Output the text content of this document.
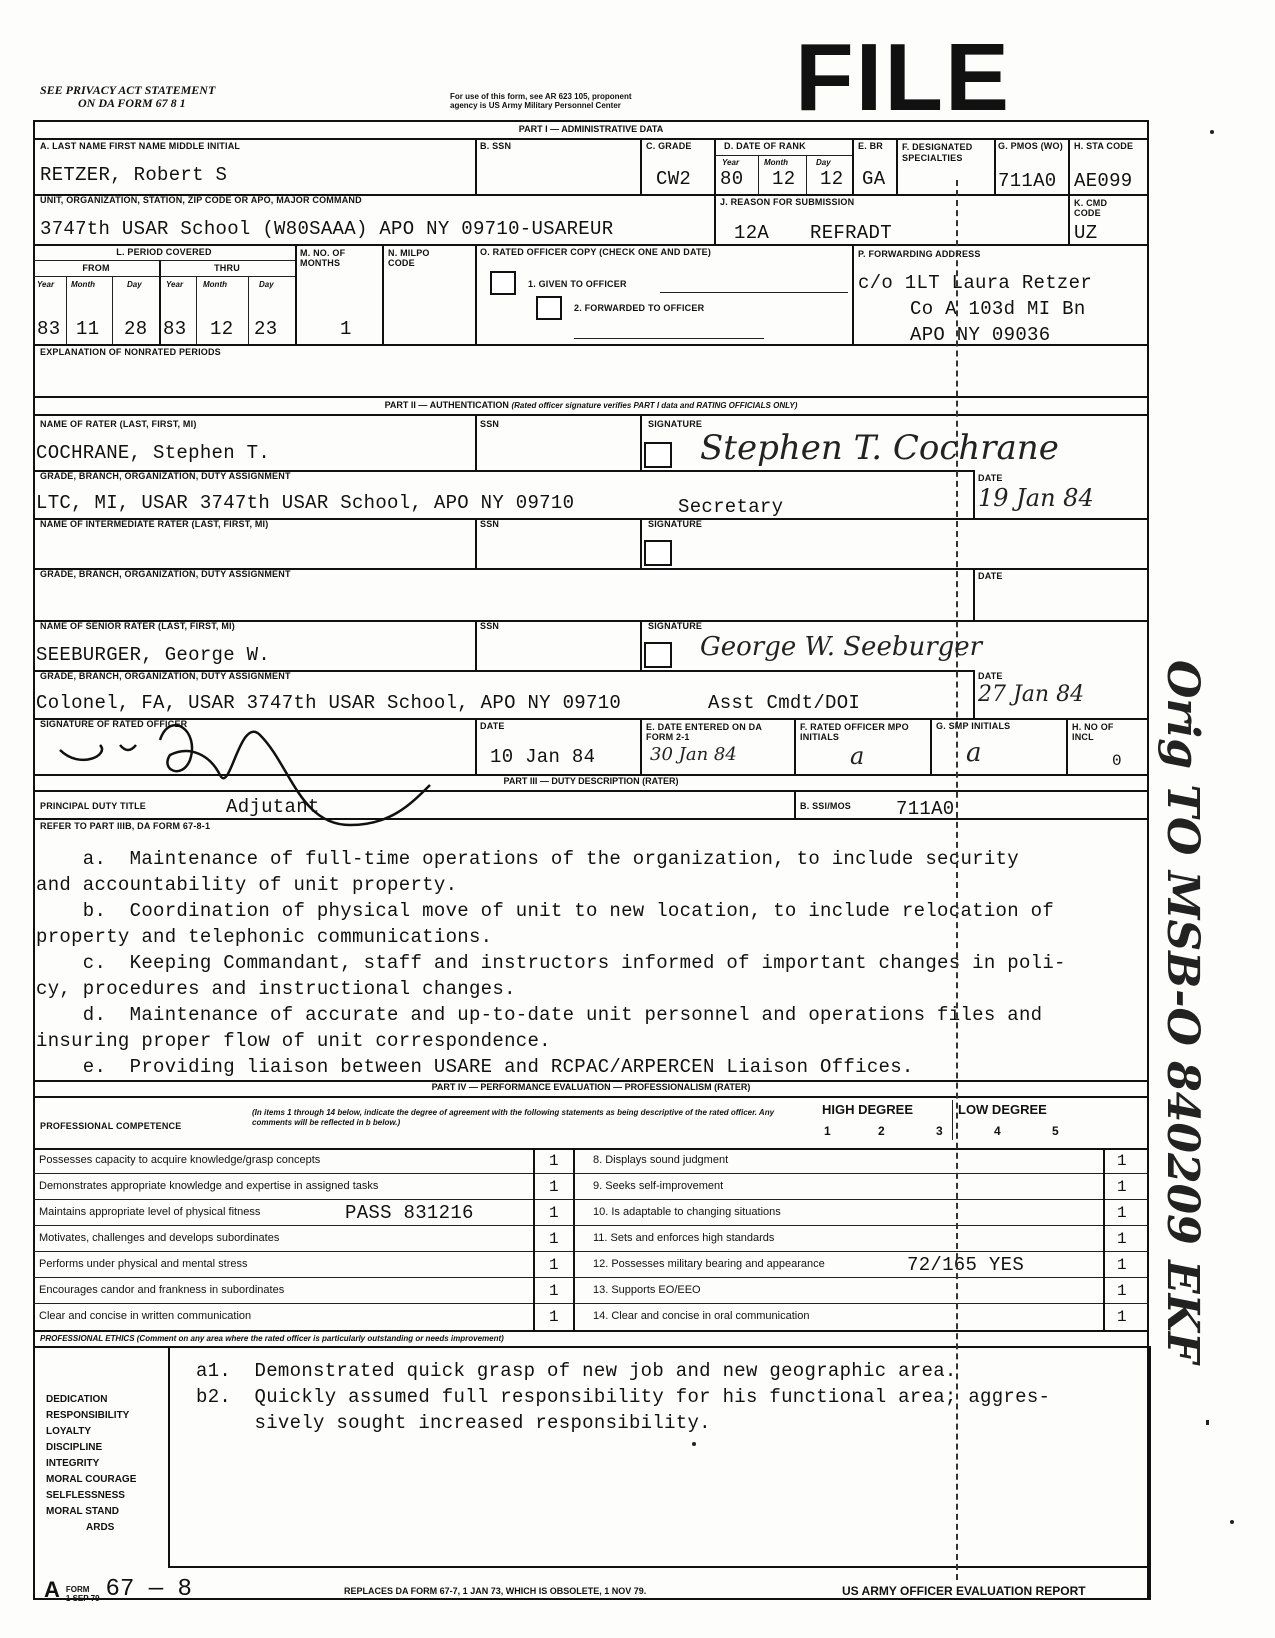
SEE PRIVACY ACT STATEMENT
ON DA FORM 67 8 1	For use of this form, see AR 623 105, proponent
agency is US Army Military Personnel Center FILE
PART I — ADMINISTRATIVE DATA
A. LAST NAME FIRST NAME MIDDLE INITIAL
RETZER, Robert S
B. SSN	C. GRADE
CW2
D. DATE OF RANK
Year	Month	Day
80 12 12
E. BR
GA
F. DESIGNATED SPECIALTIES
G. PMOS (WO)
711A0
H. STA CODE
AE099
UNIT, ORGANIZATION, STATION, ZIP CODE OR APO, MAJOR COMMAND
3747th USAR School (W80SAAA) APO NY 09710-USAREUR
J. REASON FOR SUBMISSION
12A REFRADT
K. CMD CODE
UZ
L. PERIOD COVERED
FROM	THRU
Year Month	Day	Year Month	Day
83 11 28 83 12 23
M. NO. OF MONTHS
1
N. MILPO CODE
O. RATED OFFICER COPY (CHECK ONE AND DATE)
1. GIVEN TO OFFICER
2. FORWARDED TO OFFICER
P. FORWARDING ADDRESS
c/o 1LT Laura Retzer
Co A 103d MI Bn
APO NY 09036
EXPLANATION OF NONRATED PERIODS
PART II — AUTHENTICATION (Rated officer signature verifies PART I data and RATING OFFICIALS ONLY)
NAME OF RATER (LAST, FIRST, MI)
COCHRANE, Stephen T.
SSN	SIGNATURE
Stephen T. Cochrane
GRADE, BRANCH, ORGANIZATION, DUTY ASSIGNMENT
LTC, MI, USAR 3747th USAR School, APO NY 09710	Secretary
DATE
19 Jan 84
NAME OF INTERMEDIATE RATER (LAST, FIRST, MI)	SSN	SIGNATURE
GRADE, BRANCH, ORGANIZATION, DUTY ASSIGNMENT	DATE
NAME OF SENIOR RATER (LAST, FIRST, MI)
SEEBURGER, George W.
SSN	SIGNATURE
George W. Seeburger
GRADE, BRANCH, ORGANIZATION, DUTY ASSIGNMENT
Colonel, FA, USAR 3747th USAR School, APO NY 09710	Asst Cmdt/DOI
DATE
27 Jan 84
SIGNATURE OF RATED OFFICER	DATE
10 Jan 84
E. DATE ENTERED ON DA FORM 2-1
30 Jan 84
F. RATED OFFICER MPO INITIALS
a
G. SMP INITIALS
a
H. NO OF INCL
0
PART III — DUTY DESCRIPTION (RATER)
PRINCIPAL DUTY TITLE	Adjutant	B. SSI/MOS 711A0
REFER TO PART IIIB, DA FORM 67-8-1
a.  Maintenance of full-time operations of the organization, to include security
and accountability of unit property.
b.  Coordination of physical move of unit to new location, to include relocation of
property and telephonic communications.
c.  Keeping Commandant, staff and instructors informed of important changes in poli-
cy, procedures and instructional changes.
d.  Maintenance of accurate and up-to-date unit personnel and operations files and
insuring proper flow of unit correspondence.
e.  Providing liaison between USARE and RCPAC/ARPERCEN Liaison Offices.
PART IV — PERFORMANCE EVALUATION — PROFESSIONALISM (RATER)
PROFESSIONAL COMPETENCE
(In items 1 through 14 below, indicate the degree of agreement with the following statements as being descriptive of the rated officer. Any comments will be reflected in b below.)
HIGH DEGREE	LOW DEGREE
1	2	3	4	5
Possesses capacity to acquire knowledge/grasp concepts	1
Demonstrates appropriate knowledge and expertise in assigned tasks	1
Maintains appropriate level of physical fitness	PASS 831216	1
Motivates, challenges and develops subordinates	1
Performs under physical and mental stress	1
Encourages candor and frankness in subordinates	1
Clear and concise in written communication	1
8. Displays sound judgment	1
9. Seeks self-improvement	1
10. Is adaptable to changing situations	1
11. Sets and enforces high standards	1
12. Possesses military bearing and appearance	72/165 YES	1
13. Supports EO/EEO	1
14. Clear and concise in oral communication	1
PROFESSIONAL ETHICS (Comment on any area where the rated officer is particularly outstanding or needs improvement)
DEDICATION
RESPONSIBILITY
LOYALTY
DISCIPLINE
INTEGRITY
MORAL COURAGE
SELFLESSNESS
MORAL STAND
ARDS
a1.  Demonstrated quick grasp of new job and new geographic area.
b2.  Quickly assumed full responsibility for his functional area; aggres-
sively sought increased responsibility.
A FORM
1 SEP 79 67 — 8	REPLACES DA FORM 67-7, 1 JAN 73, WHICH IS OBSOLETE, 1 NOV 79.	US ARMY OFFICER EVALUATION REPORT
Orig TO MSB-O 840209 EKF
